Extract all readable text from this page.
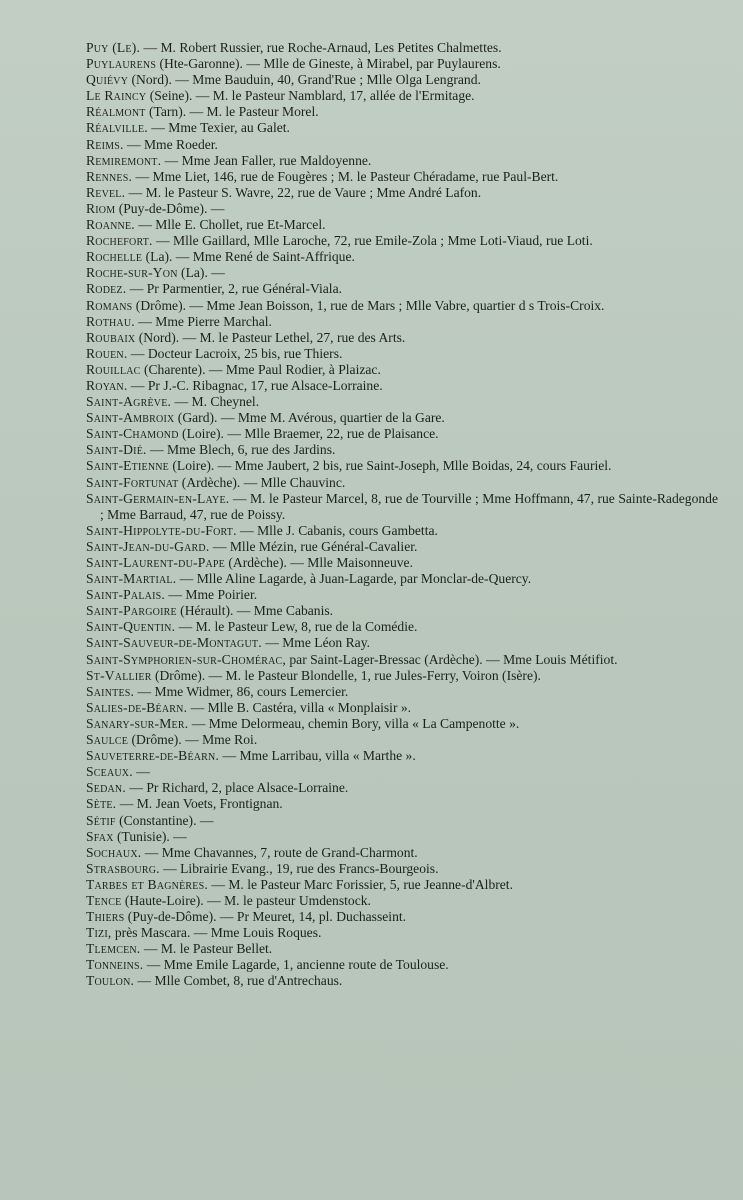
Puy (Le). — M. Robert Russier, rue Roche-Arnaud, Les Petites Chalmettes.

Puylaurens (Hte-Garonne). — Mlle de Gineste, à Mirabel, par Puylaurens.

Quiévy (Nord). — Mme Bauduin, 40, Grand'Rue ; Mlle Olga Lengrand.

Le Raincy (Seine). — M. le Pasteur Namblard, 17, allée de l'Ermitage.

Réalmont (Tarn). — M. le Pasteur Morel.

Réalville. — Mme Texier, au Galet.

Reims. — Mme Roeder.

Remiremont. — Mme Jean Faller, rue Maldoyenne.

Rennes. — Mme Liet, 146, rue de Fougères ; M. le Pasteur Chéradame, rue Paul-Bert.

Revel. — M. le Pasteur S. Wavre, 22, rue de Vaure ; Mme André Lafon.

Riom (Puy-de-Dôme). —

Roanne. — Mlle E. Chollet, rue Et-Marcel.

Rochefort. — Mlle Gaillard, Mlle Laroche, 72, rue Emile-Zola ; Mme Loti-Viaud, rue Loti.

Rochelle (La). — Mme René de Saint-Affrique.

Roche-sur-Yon (La). —

Rodez. — Pr Parmentier, 2, rue Général-Viala.

Romans (Drôme). — Mme Jean Boisson, 1, rue de Mars ; Mlle Vabre, quartier d s Trois-Croix.

Rothau. — Mme Pierre Marchal.

Roubaix (Nord). — M. le Pasteur Lethel, 27, rue des Arts.

Rouen. — Docteur Lacroix, 25 bis, rue Thiers.

Rouillac (Charente). — Mme Paul Rodier, à Plaizac.

Royan. — Pr J.-C. Ribagnac, 17, rue Alsace-Lorraine.

Saint-Agrève. — M. Cheynel.

Saint-Ambroix (Gard). — Mme M. Avérous, quartier de la Gare.

Saint-Chamond (Loire). — Mlle Braemer, 22, rue de Plaisance.

Saint-Dié. — Mme Blech, 6, rue des Jardins.

Saint-Etienne (Loire). — Mme Jaubert, 2 bis, rue Saint-Joseph, Mlle Boidas, 24, cours Fauriel.

Saint-Fortunat (Ardèche). — Mlle Chauvinc.

Saint-Germain-en-Laye. — M. le Pasteur Marcel, 8, rue de Tourville ; Mme Hoffmann, 47, rue Sainte-Radegonde ; Mme Barraud, 47, rue de Poissy.

Saint-Hippolyte-du-Fort. — Mlle J. Cabanis, cours Gambetta.

Saint-Jean-du-Gard. — Mlle Mézin, rue Général-Cavalier.

Saint-Laurent-du-Pape (Ardèche). — Mlle Maisonneuve.

Saint-Martial. — Mlle Aline Lagarde, à Juan-Lagarde, par Monclar-de-Quercy.

Saint-Palais. — Mme Poirier.

Saint-Pargoire (Hérault). — Mme Cabanis.

Saint-Quentin. — M. le Pasteur Lew, 8, rue de la Comédie.

Saint-Sauveur-de-Montagut. — Mme Léon Ray.

Saint-Symphorien-sur-Chomérac, par Saint-Lager-Bressac (Ardèche). — Mme Louis Métifiot.

St-Vallier (Drôme). — M. le Pasteur Blondelle, 1, rue Jules-Ferry, Voiron (Isère).

Saintes. — Mme Widmer, 86, cours Lemercier.

Salies-de-Béarn. — Mlle B. Castéra, villa « Monplaisir ».

Sanary-sur-Mer. — Mme Delormeau, chemin Bory, villa « La Campenotte ».

Saulce (Drôme). — Mme Roi.

Sauveterre-de-Béarn. — Mme Larribau, villa « Marthe ».

Sceaux. —

Sedan. — Pr Richard, 2, place Alsace-Lorraine.

Sète. — M. Jean Voets, Frontignan.

Sétif (Constantine). —

Sfax (Tunisie). —

Sochaux. — Mme Chavannes, 7, route de Grand-Charmont.

Strasbourg. — Librairie Evang., 19, rue des Francs-Bourgeois.

Tarbes et Bagnères. — M. le Pasteur Marc Forissier, 5, rue Jeanne-d'Albret.

Tence (Haute-Loire). — M. le pasteur Umdenstock.

Thiers (Puy-de-Dôme). — Pr Meuret, 14, pl. Duchasseint.

Tizi, près Mascara. — Mme Louis Roques.

Tlemcen. — M. le Pasteur Bellet.

Tonneins. — Mme Emile Lagarde, 1, ancienne route de Toulouse.

Toulon. — Mlle Combet, 8, rue d'Antrechaus.
